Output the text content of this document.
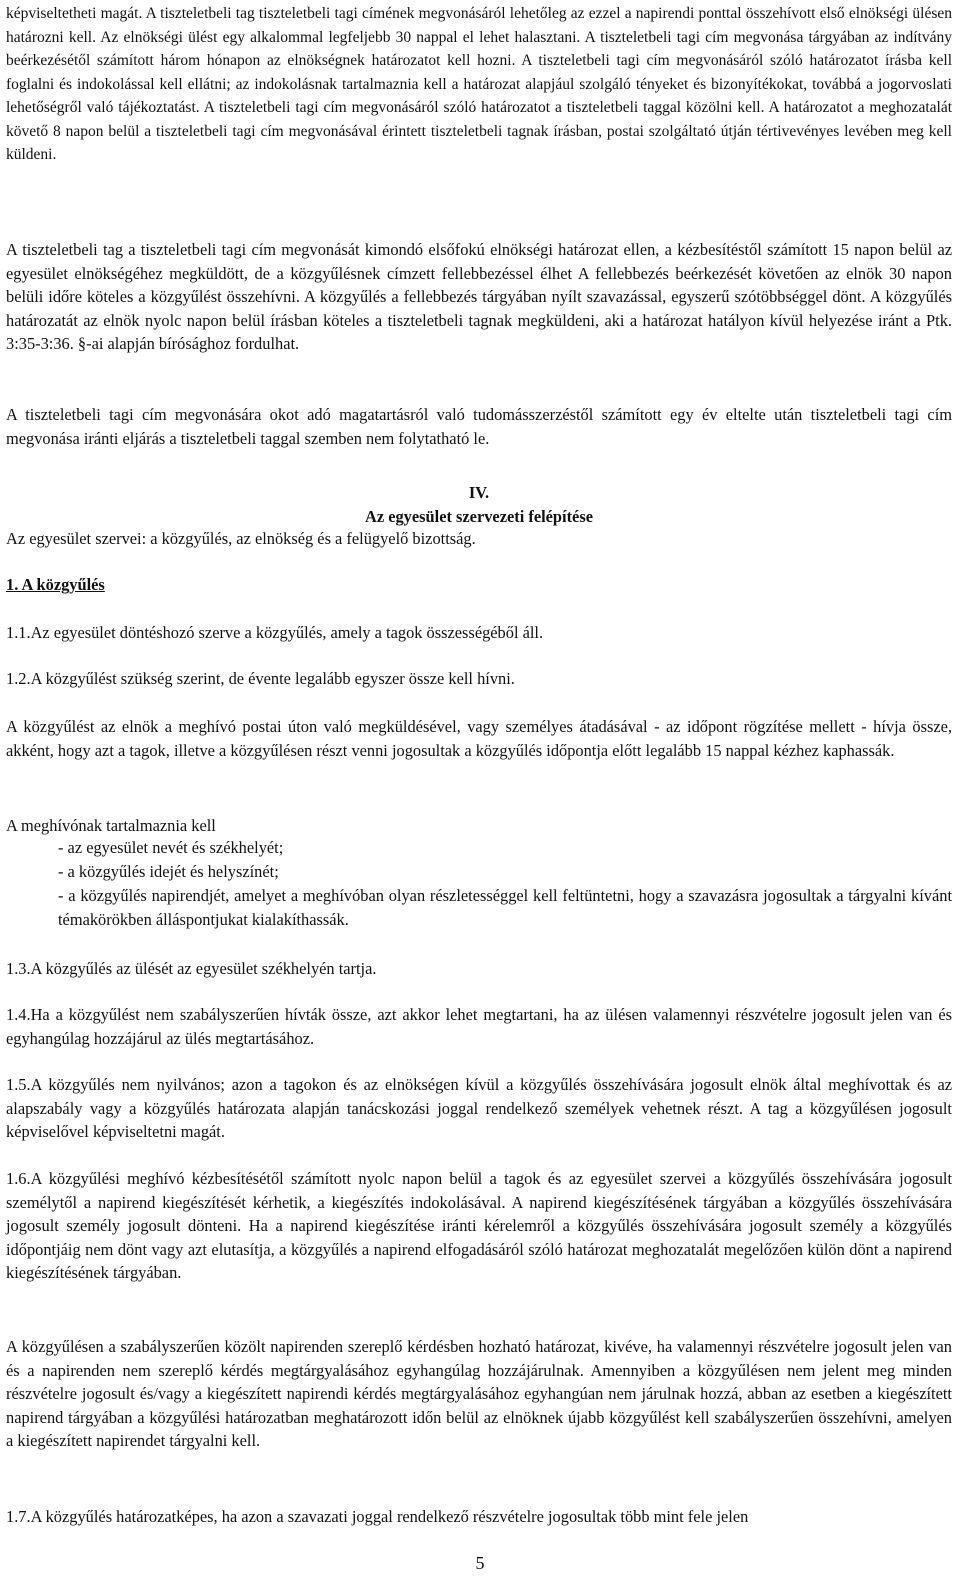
képviseltetheti magát. A tiszteletbeli tag tiszteletbeli tagi címének megvonásáról lehetőleg az ezzel a napirendi ponttal összehívott első elnökségi ülésen határozni kell. Az elnökségi ülést egy alkalommal legfeljebb 30 nappal el lehet halasztani. A tiszteletbeli tagi cím megvonása tárgyában az indítvány beérkezésétől számított három hónapon az elnökségnek határozatot kell hozni. A tiszteletbeli tagi cím megvonásáról szóló határozatot írásba kell foglalni és indokolással kell ellátni; az indokolásnak tartalmaznia kell a határozat alapjául szolgáló tényeket és bizonyítékokat, továbbá a jogorvoslati lehetőségről való tájékoztatást. A tiszteletbeli tagi cím megvonásáról szóló határozatot a tiszteletbeli taggal közölni kell. A határozatot a meghozatalát követő 8 napon belül a tiszteletbeli tagi cím megvonásával érintett tiszteletbeli tagnak írásban, postai szolgáltató útján tértivevényes levében meg kell küldeni.

A tiszteletbeli tag a tiszteletbeli tagi cím megvonását kimondó elsőfokú elnökségi határozat ellen, a kézbesítéstől számított 15 napon belül az egyesület elnökségéhez megküldött, de a közgyűlésnek címzett fellebbezéssel élhet A fellebbezés beérkezését követően az elnök 30 napon belüli időre köteles a közgyűlést összehívni. A közgyűlés a fellebbezés tárgyában nyílt szavazással, egyszerű szótöbbséggel dönt. A közgyűlés határozatát az elnök nyolc napon belül írásban köteles a tiszteletbeli tagnak megküldeni, aki a határozat hatályon kívül helyezése iránt a Ptk. 3:35-3:36. §-ai alapján bírósághoz fordulhat.

A tiszteletbeli tagi cím megvonására okot adó magatartásról való tudomásszerzéstől számított egy év eltelte után tiszteletbeli tagi cím megvonása iránti eljárás a tiszteletbeli taggal szemben nem folytatható le.

IV.
Az egyesület szervezeti felépítése

Az egyesület szervei: a közgyűlés, az elnökség és a felügyelő bizottság.

1. A közgyűlés

1.1.Az egyesület döntéshozó szerve a közgyűlés, amely a tagok összességéből áll.

1.2.A közgyűlést szükség szerint, de évente legalább egyszer össze kell hívni.

A közgyűlést az elnök a meghívó postai úton való megküldésével, vagy személyes átadásával - az időpont rögzítése mellett - hívja össze, akként, hogy azt a tagok, illetve a közgyűlésen részt venni jogosultak a közgyűlés időpontja előtt legalább 15 nappal kézhez kaphassák.

A meghívónak tartalmaznia kell

- az egyesület nevét és székhelyét;
- a közgyűlés idejét és helyszínét;
- a közgyűlés napirendjét, amelyet a meghívóban olyan részletességgel kell feltüntetni, hogy a szavazásra jogosultak a tárgyalni kívánt témakörökben álláspontjukat kialakíthassák.

1.3.A közgyűlés az ülését az egyesület székhelyén tartja.

1.4.Ha a közgyűlést nem szabályszerűen hívták össze, azt akkor lehet megtartani, ha az ülésen valamennyi részvételre jogosult jelen van és egyhangúlag hozzájárul az ülés megtartásához.

1.5.A közgyűlés nem nyilvános; azon a tagokon és az elnökségen kívül a közgyűlés összehívására jogosult elnök által meghívottak és az alapszabály vagy a közgyűlés határozata alapján tanácskozási joggal rendelkező személyek vehetnek részt. A tag a közgyűlésen jogosult képviselővel képviseltetni magát.

1.6.A közgyűlési meghívó kézbesítésétől számított nyolc napon belül a tagok és az egyesület szervei a közgyűlés összehívására jogosult személytől a napirend kiegészítését kérhetik, a kiegészítés indokolásával. A napirend kiegészítésének tárgyában a közgyűlés összehívására jogosult személy jogosult dönteni. Ha a napirend kiegészítése iránti kérelemről a közgyűlés összehívására jogosult személy a közgyűlés időpontjáig nem dönt vagy azt elutasítja, a közgyűlés a napirend elfogadásáról szóló határozat meghozatalát megelőzően külön dönt a napirend kiegészítésének tárgyában.

A közgyűlésen a szabályszerűen közölt napirenden szereplő kérdésben hozható határozat, kivéve, ha valamennyi részvételre jogosult jelen van és a napirenden nem szereplő kérdés megtárgyalásához egyhangúlag hozzájárulnak. Amennyiben a közgyűlésen nem jelent meg minden részvételre jogosult és/vagy a kiegészített napirendi kérdés megtárgyalásához egyhangúan nem járulnak hozzá, abban az esetben a kiegészített napirend tárgyában a közgyűlési határozatban meghatározott időn belül az elnöknek újabb közgyűlést kell szabályszerűen összehívni, amelyen a kiegészített napirendet tárgyalni kell.

1.7.A közgyűlés határozatképes, ha azon a szavazati joggal rendelkező részvételre jogosultak több mint fele jelen

5
